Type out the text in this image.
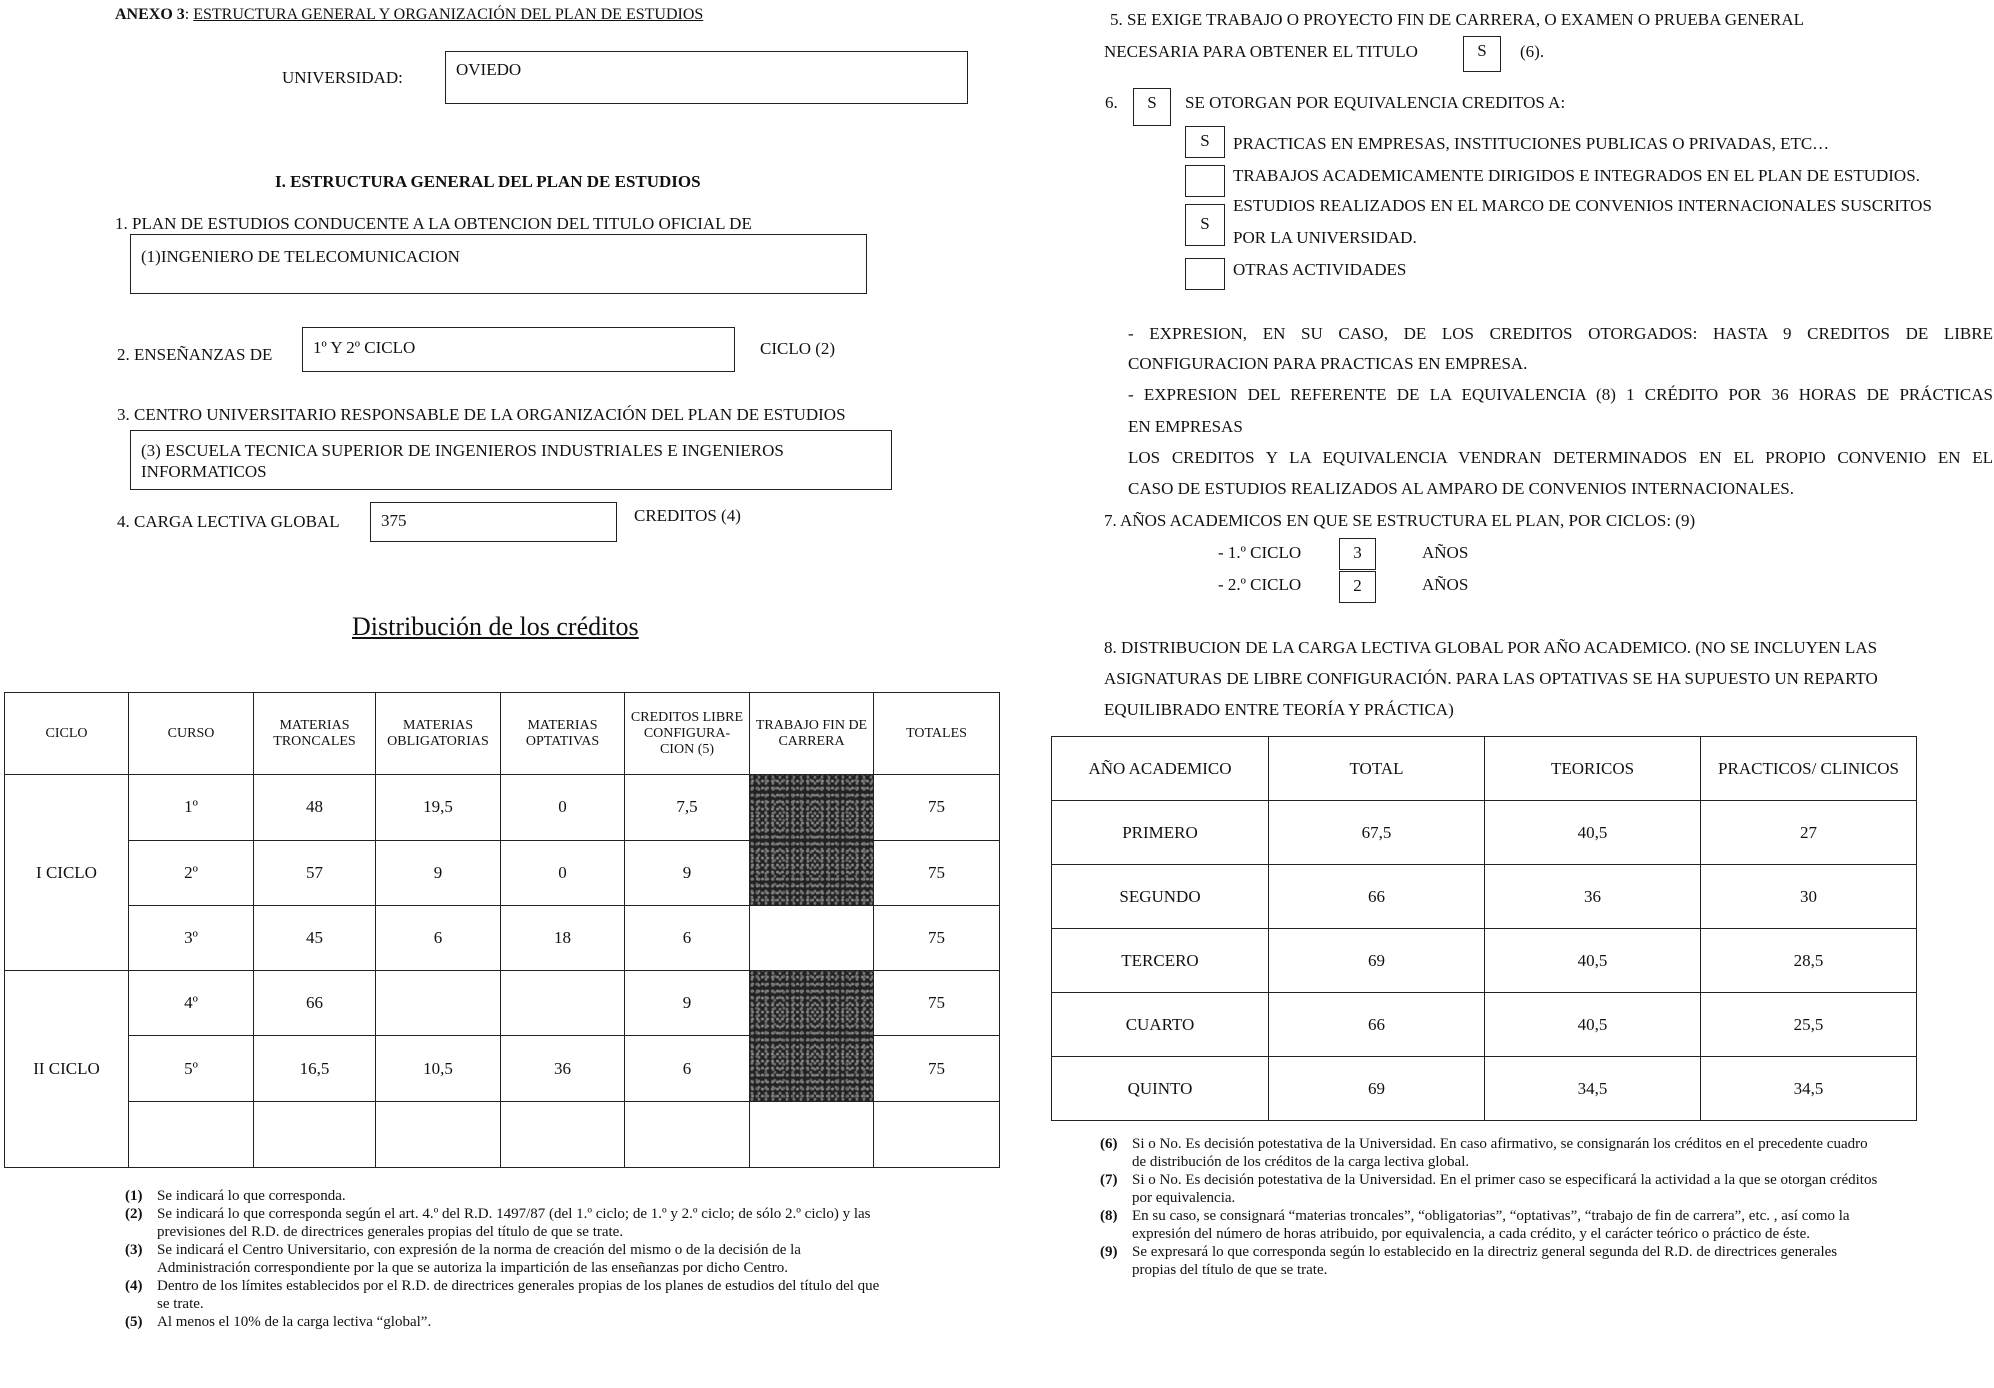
ANEXO 3: ESTRUCTURA GENERAL Y ORGANIZACIÓN DEL PLAN DE ESTUDIOS
UNIVERSIDAD:	OVIEDO
I. ESTRUCTURA GENERAL DEL PLAN DE ESTUDIOS
1. PLAN DE ESTUDIOS CONDUCENTE A LA OBTENCION DEL TITULO OFICIAL DE
(1)INGENIERO DE TELECOMUNICACION
2. ENSEÑANZAS DE 1º Y 2º CICLO	CICLO (2)
3. CENTRO UNIVERSITARIO RESPONSABLE DE LA ORGANIZACIÓN DEL PLAN DE ESTUDIOS
(3) ESCUELA TECNICA SUPERIOR DE INGENIEROS INDUSTRIALES E INGENIEROS
INFORMATICOS
4. CARGA LECTIVA GLOBAL 375	CREDITOS (4)
Distribución de los créditos
CICLO	CURSO	MATERIAS TRONCALES	MATERIAS OBLIGATORIAS	MATERIAS OPTATIVAS	CREDITOS LIBRE CONFIGURA-CION (5)	TRABAJO FIN DE CARRERA	TOTALES
I CICLO	1º	48	19,5	0	7,5		75
	2º	57	9	0	9		75
	3º	45	6	18	6		75
II CICLO	4º	66			9		75
	5º	16,5	10,5	36	6		75

(1) Se indicará lo que corresponda.
(2) Se indicará lo que corresponda según el art. 4.º del R.D. 1497/87 (del 1.º ciclo; de 1.º y 2.º ciclo; de sólo 2.º ciclo) y las previsiones del R.D. de directrices generales propias del título de que se trate.
(3) Se indicará el Centro Universitario, con expresión de la norma de creación del mismo o de la decisión de la Administración correspondiente por la que se autoriza la impartición de las enseñanzas por dicho Centro.
(4) Dentro de los límites establecidos por el R.D. de directrices generales propias de los planes de estudios del título del que se trate.
(5) Al menos el 10% de la carga lectiva “global”.
5. SE EXIGE TRABAJO O PROYECTO FIN DE CARRERA, O EXAMEN O PRUEBA GENERAL
NECESARIA PARA OBTENER EL TITULO	S	(6).
6.	S	SE OTORGAN POR EQUIVALENCIA CREDITOS A:
S	PRACTICAS EN EMPRESAS, INSTITUCIONES PUBLICAS O PRIVADAS, ETC…
TRABAJOS ACADEMICAMENTE DIRIGIDOS E INTEGRADOS EN EL PLAN DE ESTUDIOS.
S
ESTUDIOS REALIZADOS EN EL MARCO DE CONVENIOS INTERNACIONALES SUSCRITOS
POR LA UNIVERSIDAD.
OTRAS ACTIVIDADES
- EXPRESION, EN SU CASO, DE LOS CREDITOS OTORGADOS: HASTA 9 CREDITOS DE LIBRE
CONFIGURACION PARA PRACTICAS EN EMPRESA.
- EXPRESION DEL REFERENTE DE LA EQUIVALENCIA (8) 1 CRÉDITO POR 36 HORAS DE PRÁCTICAS
EN EMPRESAS
LOS CREDITOS Y LA EQUIVALENCIA VENDRAN DETERMINADOS EN EL PROPIO CONVENIO EN EL
CASO DE ESTUDIOS REALIZADOS AL AMPARO DE CONVENIOS INTERNACIONALES.
7. AÑOS ACADEMICOS EN QUE SE ESTRUCTURA EL PLAN, POR CICLOS: (9)
- 1.º CICLO	3	AÑOS
- 2.º CICLO	2	AÑOS
8. DISTRIBUCION DE LA CARGA LECTIVA GLOBAL POR AÑO ACADEMICO. (NO SE INCLUYEN LAS
ASIGNATURAS DE LIBRE CONFIGURACIÓN. PARA LAS OPTATIVAS SE HA SUPUESTO UN REPARTO
EQUILIBRADO ENTRE TEORÍA Y PRÁCTICA)
AÑO ACADEMICO	TOTAL	TEORICOS	PRACTICOS/ CLINICOS
PRIMERO	67,5	40,5	27
SEGUNDO	66	36	30
TERCERO	69	40,5	28,5
CUARTO	66	40,5	25,5
QUINTO	69	34,5	34,5
(6) Si o No. Es decisión potestativa de la Universidad. En caso afirmativo, se consignarán los créditos en el precedente cuadro de distribución de los créditos de la carga lectiva global.
(7) Si o No. Es decisión potestativa de la Universidad. En el primer caso se especificará la actividad a la que se otorgan créditos por equivalencia.
(8) En su caso, se consignará “materias troncales”, “obligatorias”, “optativas”, “trabajo de fin de carrera”, etc. , así como la expresión del número de horas atribuido, por equivalencia, a cada crédito, y el carácter teórico o práctico de éste.
(9) Se expresará lo que corresponda según lo establecido en la directriz general segunda del R.D. de directrices generales propias del título de que se trate.
